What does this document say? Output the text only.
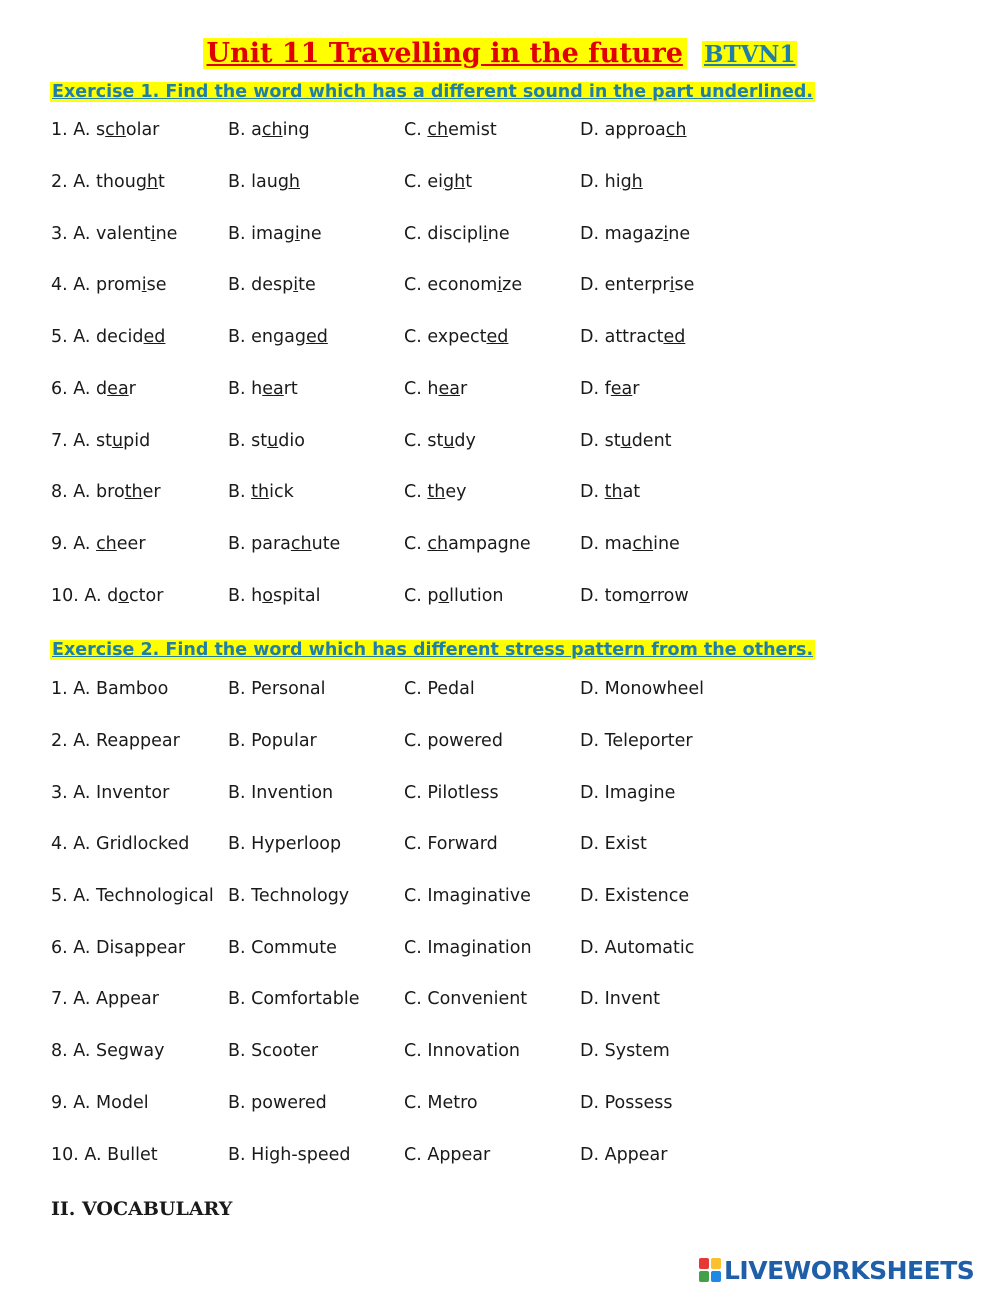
Unit 11 Travelling in the future BTVN1
Exercise 1. Find the word which has a different sound in the part underlined.
1. A. scholar	B. aching	C. chemist	D. approach
2. A. thought	B. laugh	C. eight	D. high
3. A. valentine	B. imagine	C. discipline	D. magazine
4. A. promise	B. despite	C. economize	D. enterprise
5. A. decided	B. engaged	C. expected	D. attracted
6. A. dear	B. heart	C. hear	D. fear
7. A. stupid	B. studio	C. study	D. student
8. A. brother	B. thick	C. they	D. that
9. A. cheer	B. parachute	C. champagne	D. machine
10. A. doctor	B. hospital	C. pollution	D. tomorrow
Exercise 2. Find the word which has different stress pattern from the others.
1. A. Bamboo	B. Personal	C. Pedal	D. Monowheel
2. A. Reappear	B. Popular	C. powered	D. Teleporter
3. A. Inventor	B. Invention	C. Pilotless	D. Imagine
4. A. Gridlocked B. Hyperloop	C. Forward	D. Exist
5. A. Technological B. Technology	C. Imaginative	D. Existence
6. A. Disappear B. Commute	C. Imagination	D. Automatic
7. A. Appear	B. Comfortable	C. Convenient	D. Invent
8. A. Segway	B. Scooter	C. Innovation	D. System
9. A. Model	B. powered	C. Metro	D. Possess
10. A. Bullet	B. High-speed	C. Appear	D. Appear
II. VOCABULARY
LIVEWORKSHEETS
